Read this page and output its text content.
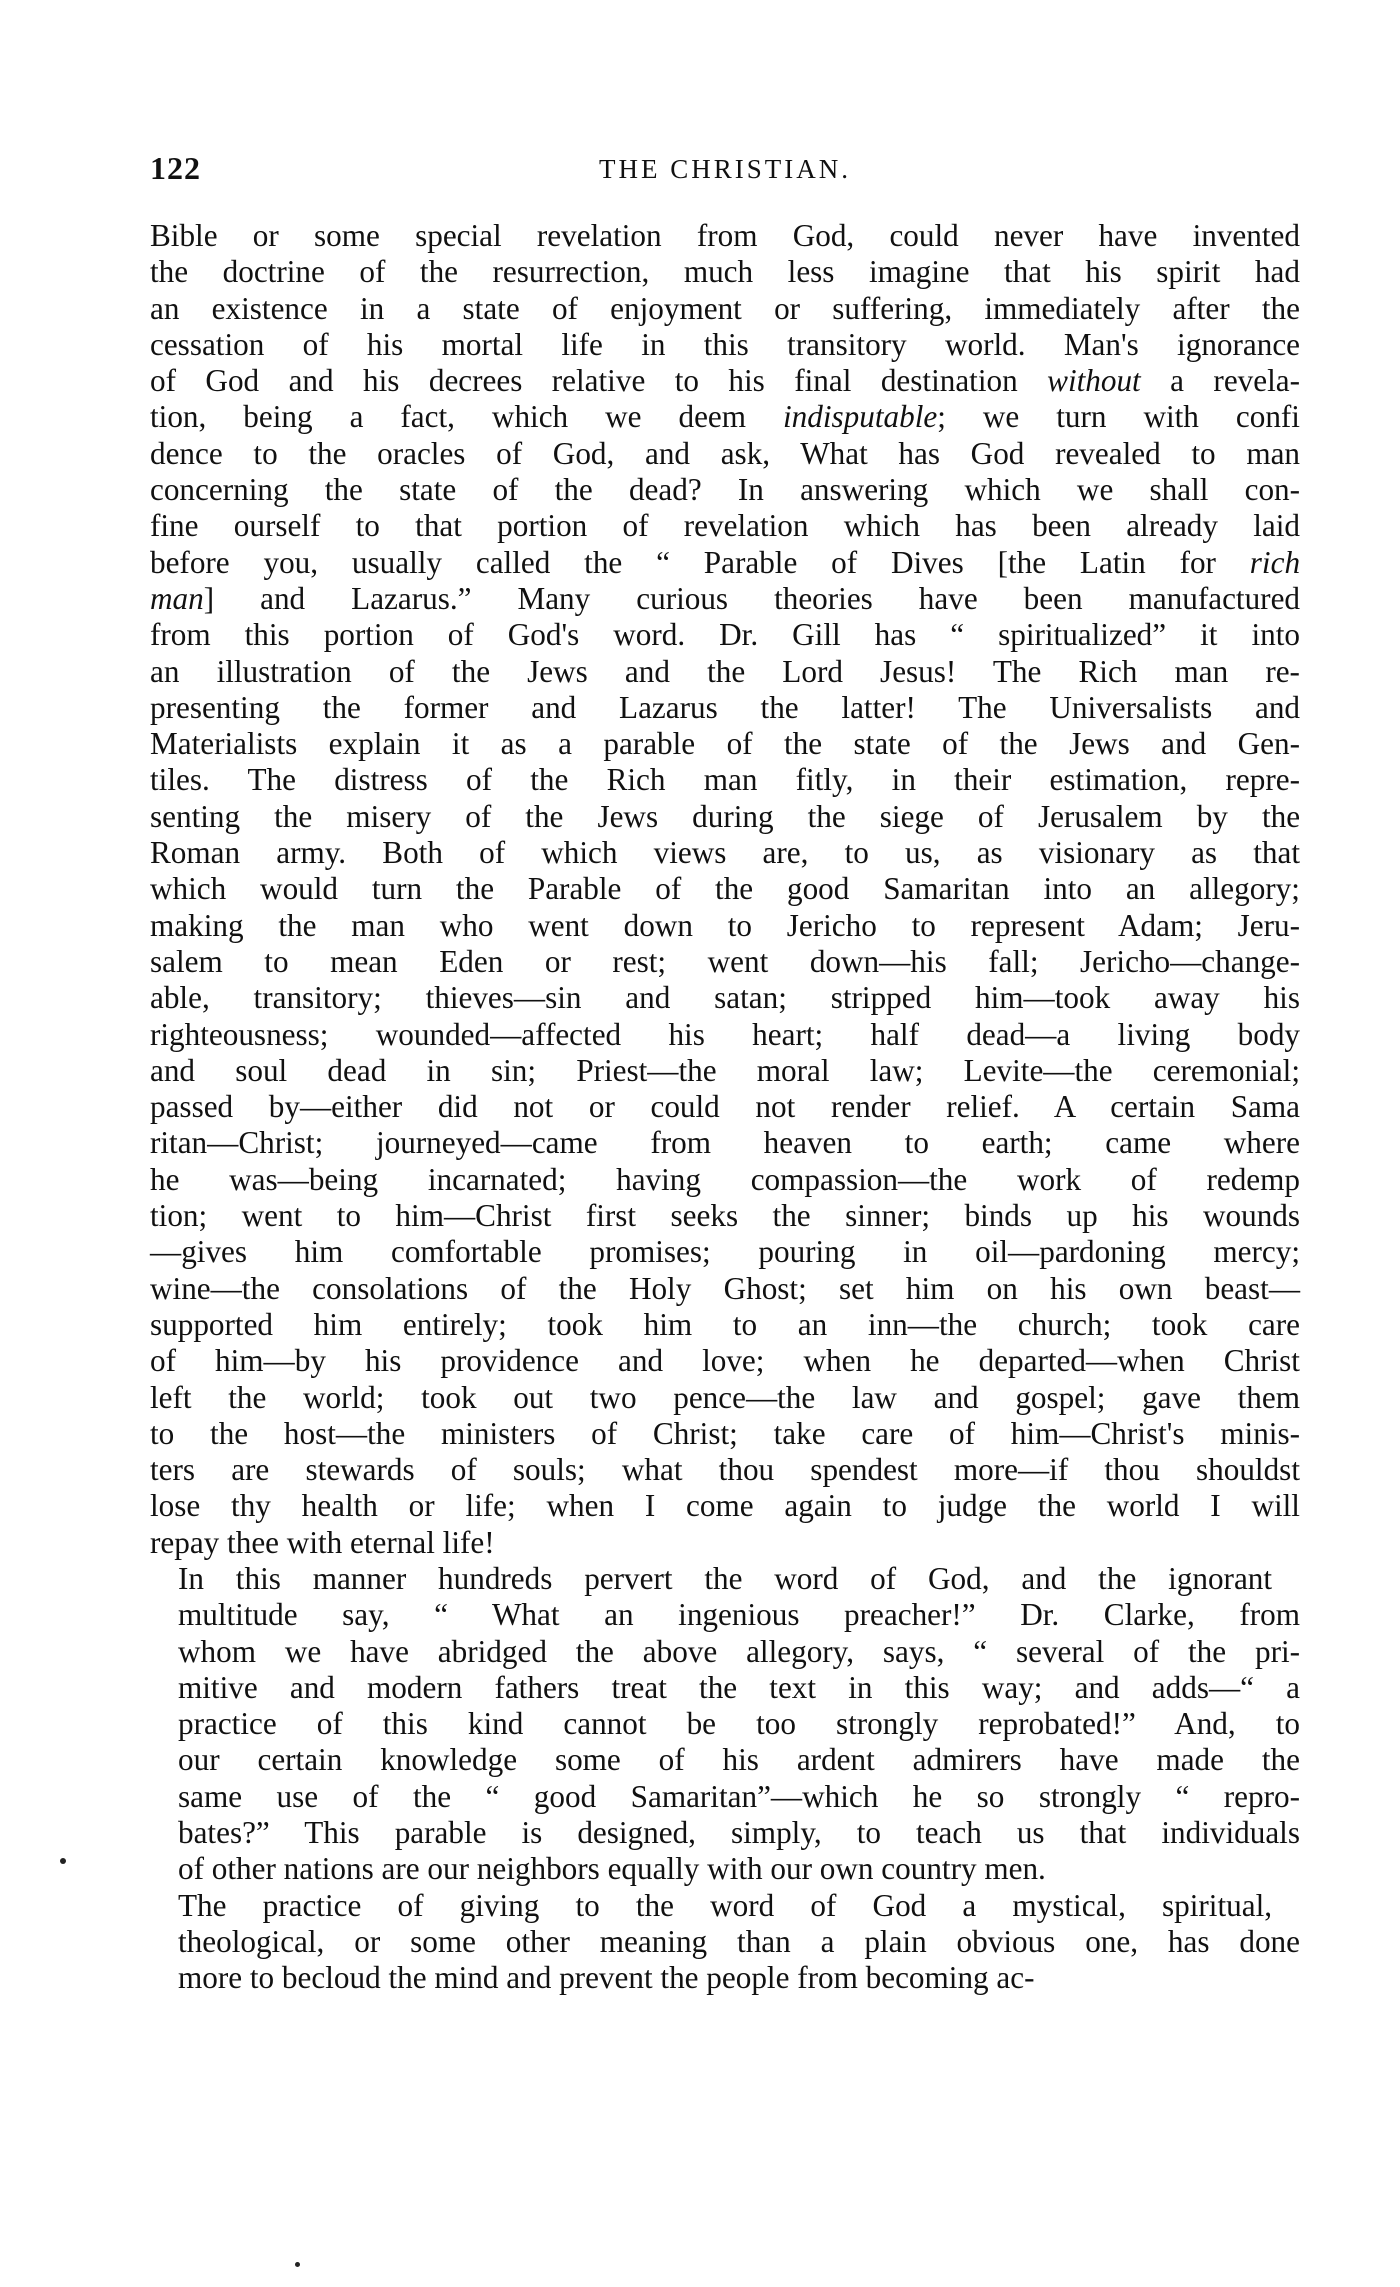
122	THE CHRISTIAN.

Bible or some special revelation from God, could never have invented
the doctrine of the resurrection, much less imagine that his spirit had
an existence in a state of enjoyment or suffering, immediately after the
cessation of his mortal life in this transitory world. Man's ignorance
of God and his decrees relative to his final destination without a revela-
tion, being a fact, which we deem indisputable; we turn with confi
dence to the oracles of God, and ask, What has God revealed to man
concerning the state of the dead? In answering which we shall con-
fine ourself to that portion of revelation which has been already laid
before you, usually called the “ Parable of Dives [the Latin for rich
man] and Lazarus.” Many curious theories have been manufactured
from this portion of God's word. Dr. Gill has “ spiritualized” it into
an illustration of the Jews and the Lord Jesus! The Rich man re-
presenting the former and Lazarus the latter! The Universalists and
Materialists explain it as a parable of the state of the Jews and Gen-
tiles. The distress of the Rich man fitly, in their estimation, repre-
senting the misery of the Jews during the siege of Jerusalem by the
Roman army. Both of which views are, to us, as visionary as that
which would turn the Parable of the good Samaritan into an allegory;
making the man who went down to Jericho to represent Adam; Jeru-
salem to mean Eden or rest; went down—his fall; Jericho—change-
able, transitory; thieves—sin and satan; stripped him—took away his
righteousness; wounded—affected his heart; half dead—a living body
and soul dead in sin; Priest—the moral law; Levite—the ceremonial;
passed by—either did not or could not render relief. A certain Sama
ritan—Christ; journeyed—came from heaven to earth; came where
he was—being incarnated; having compassion—the work of redemp
tion; went to him—Christ first seeks the sinner; binds up his wounds
—gives him comfortable promises; pouring in oil—pardoning mercy;
wine—the consolations of the Holy Ghost; set him on his own beast—
supported him entirely; took him to an inn—the church; took care
of him—by his providence and love; when he departed—when Christ
left the world; took out two pence—the law and gospel; gave them
to the host—the ministers of Christ; take care of him—Christ's minis-
ters are stewards of souls; what thou spendest more—if thou shouldst
lose thy health or life; when I come again to judge the world I will
repay thee with eternal life!

In this manner hundreds pervert the word of God, and the ignorant
multitude say, “ What an ingenious preacher!” Dr. Clarke, from
whom we have abridged the above allegory, says, “ several of the pri-
mitive and modern fathers treat the text in this way; and adds—“ a
practice of this kind cannot be too strongly reprobated!” And, to
our certain knowledge some of his ardent admirers have made the
same use of the “ good Samaritan”—which he so strongly “ repro-
bates?” This parable is designed, simply, to teach us that individuals
of other nations are our neighbors equally with our own country men.

The practice of giving to the word of God a mystical, spiritual,
theological, or some other meaning than a plain obvious one, has done
more to becloud the mind and prevent the people from becoming ac-
